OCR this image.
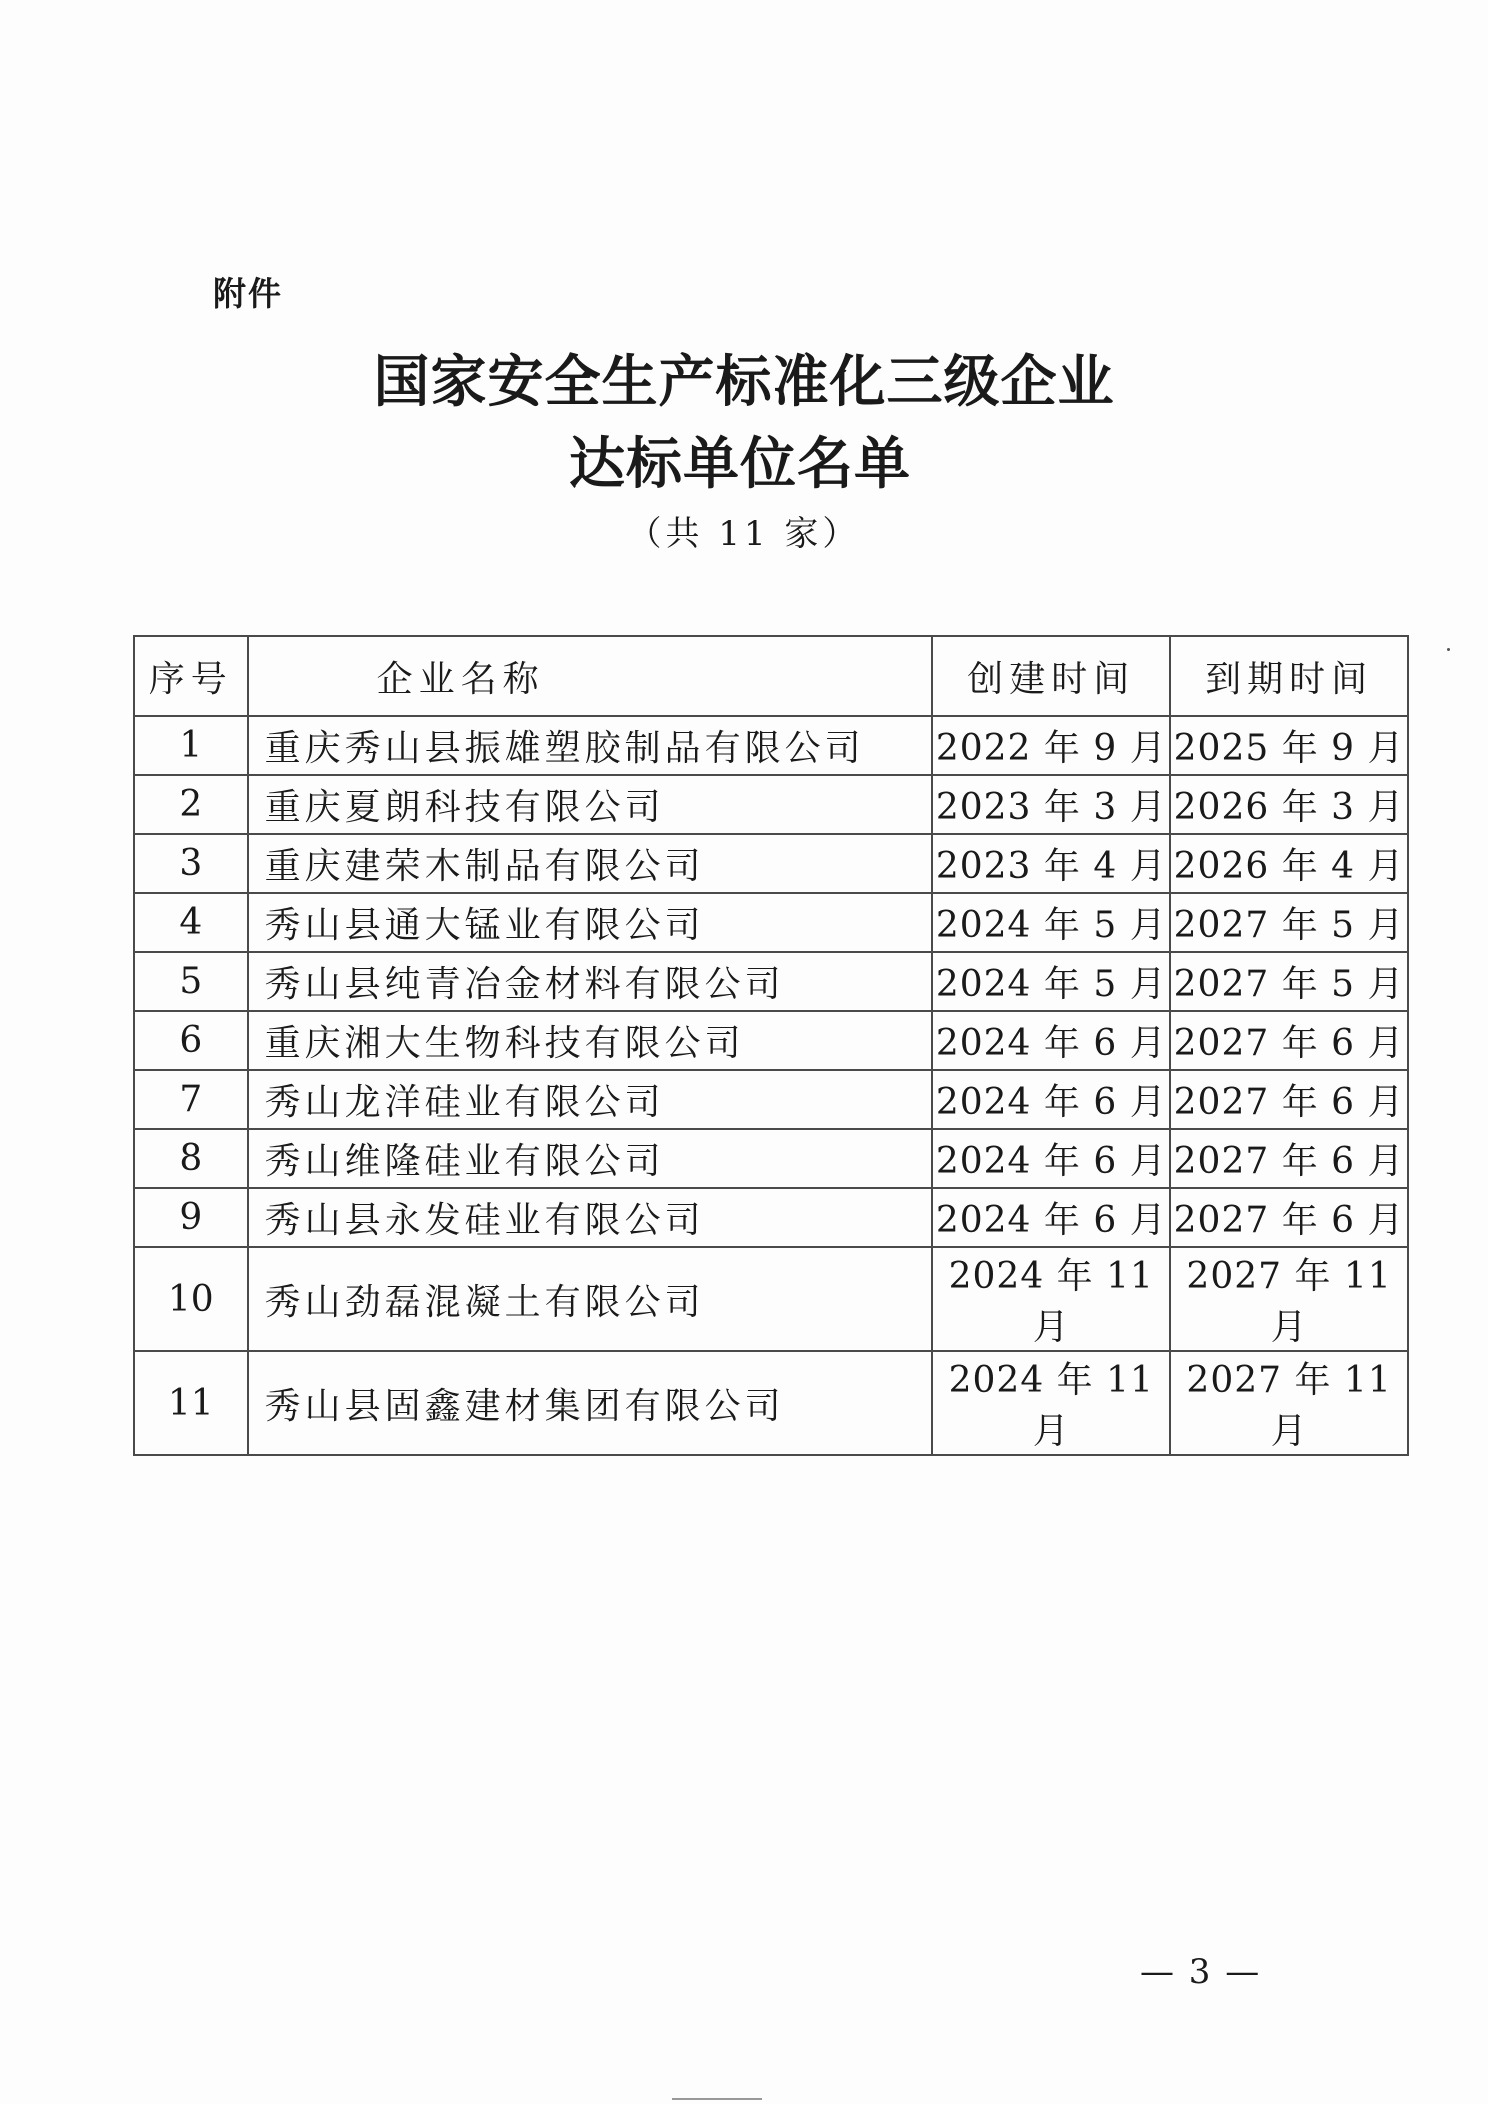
附件
国家安全生产标准化三级企业
达标单位名单
（共 11 家）
序号	企业名称	创建时间	到期时间
1	重庆秀山县振雄塑胶制品有限公司	2022 年 9 月	2025 年 9 月
2	重庆夏朗科技有限公司	2023 年 3 月	2026 年 3 月
3	重庆建荣木制品有限公司	2023 年 4 月	2026 年 4 月
4	秀山县通大锰业有限公司	2024 年 5 月	2027 年 5 月
5	秀山县纯青冶金材料有限公司	2024 年 5 月	2027 年 5 月
6	重庆湘大生物科技有限公司	2024 年 6 月	2027 年 6 月
7	秀山龙洋硅业有限公司	2024 年 6 月	2027 年 6 月
8	秀山维隆硅业有限公司	2024 年 6 月	2027 年 6 月
9	秀山县永发硅业有限公司	2024 年 6 月	2027 年 6 月
10	秀山劲磊混凝土有限公司	2024 年 11 月	2027 年 11 月
11	秀山县固鑫建材集团有限公司	2024 年 11 月	2027 年 11 月
— 3 —
